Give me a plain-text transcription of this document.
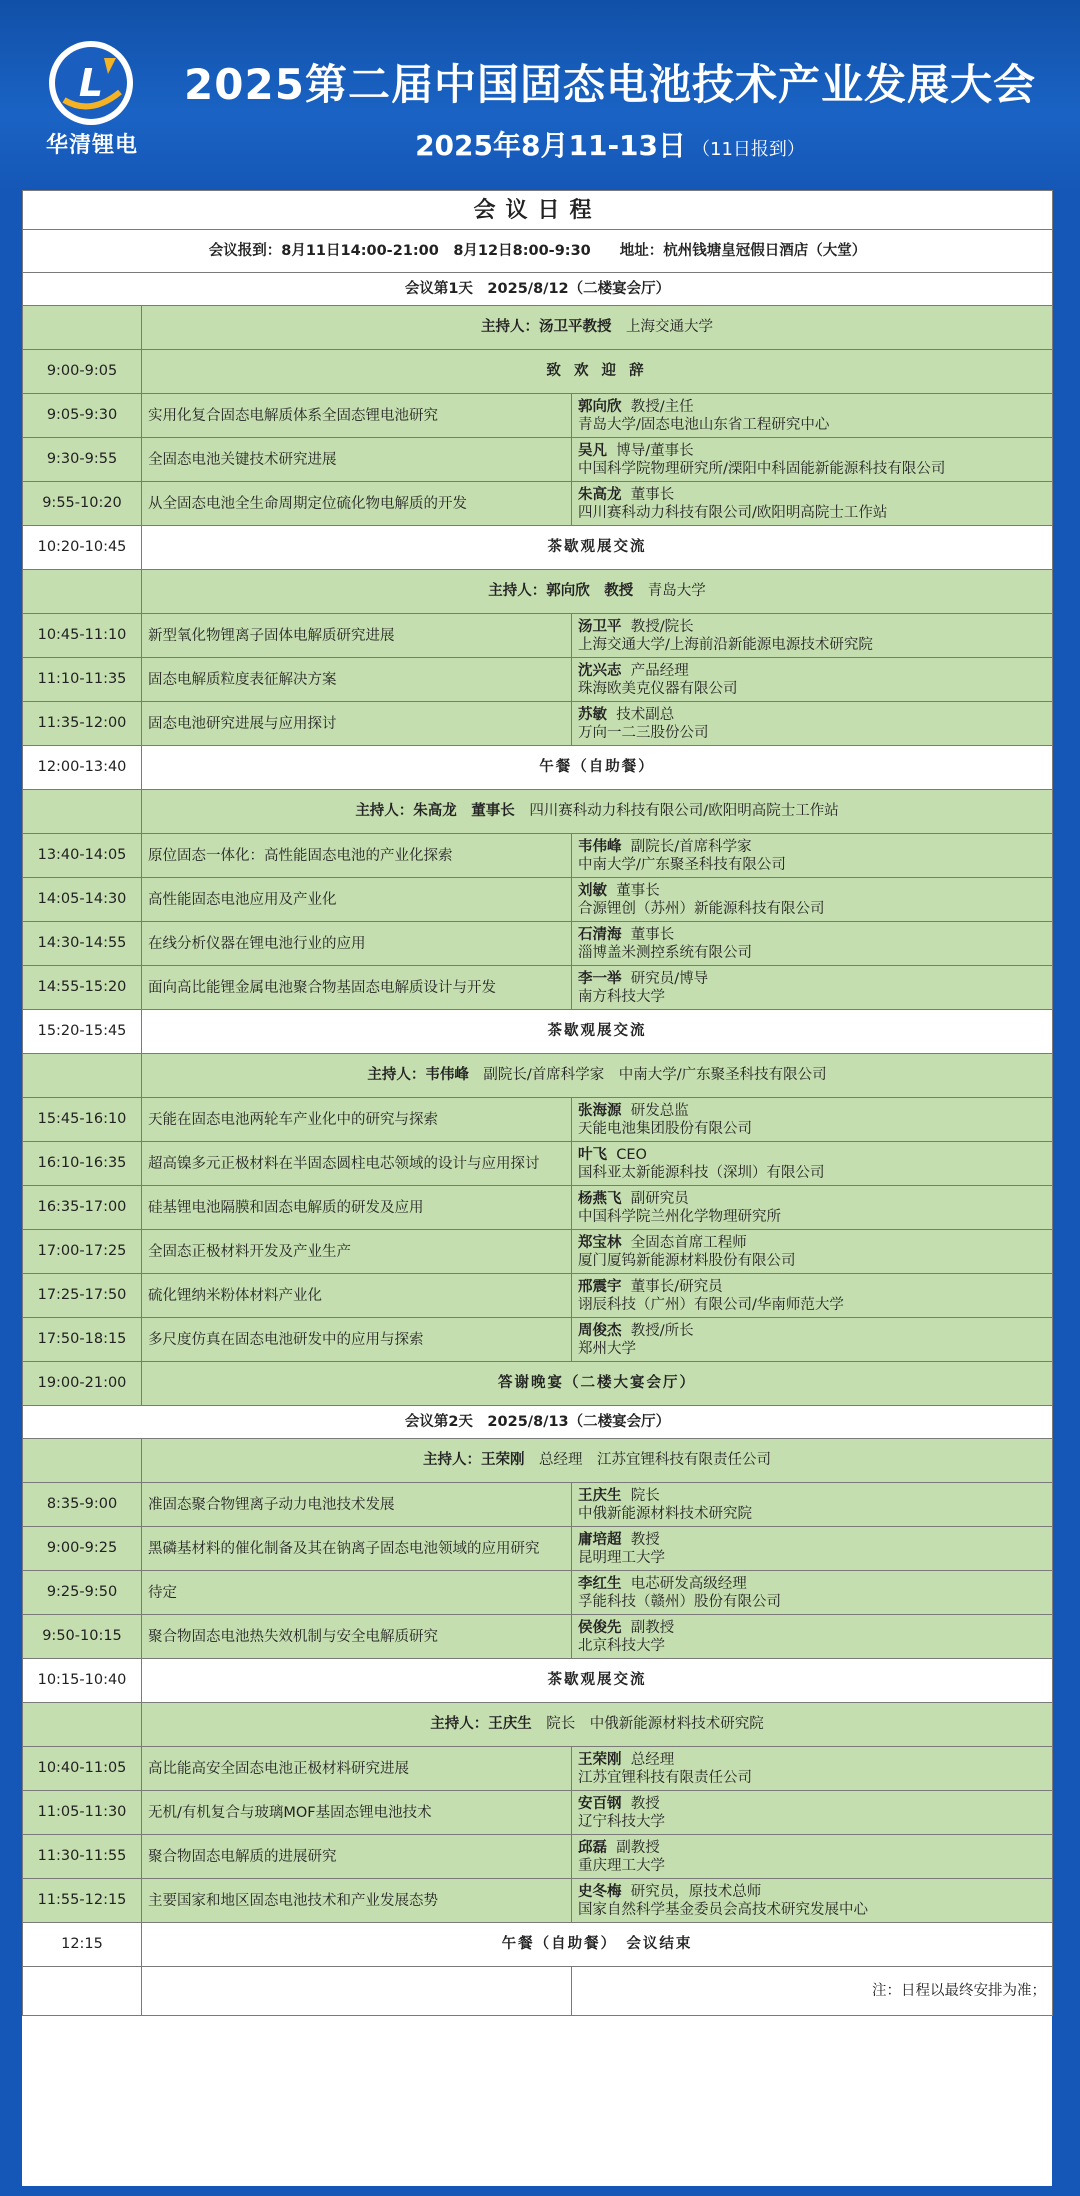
L
华清锂电
2025第二届中国固态电池技术产业发展大会
2025年8月11-13日 （11日报到）
会议日程		
会议报到：8月11日14:00-21:00　8月12日8:00-9:30　　地址：杭州钱塘皇冠假日酒店（大堂）		
会议第1天　2025/8/12（二楼宴会厅）		
	主持人：汤卫平教授　 上海交通大学	
9:00-9:05	致 欢 迎 辞	
9:05-9:30	实用化复合固态电解质体系全固态锂电池研究	郭向欣 教授/主任
青岛大学/固态电池山东省工程研究中心
9:30-9:55	全固态电池关键技术研究进展	吴凡 博导/董事长
中国科学院物理研究所/溧阳中科固能新能源科技有限公司
9:55-10:20	从全固态电池全生命周期定位硫化物电解质的开发	朱高龙 董事长
四川赛科动力科技有限公司/欧阳明高院士工作站
10:20-10:45	茶歇观展交流	
	主持人：郭向欣　教授　 青岛大学	
10:45-11:10	新型氧化物锂离子固体电解质研究进展	汤卫平 教授/院长
上海交通大学/上海前沿新能源电源技术研究院
11:10-11:35	固态电解质粒度表征解决方案	沈兴志 产品经理
珠海欧美克仪器有限公司
11:35-12:00	固态电池研究进展与应用探讨	苏敏 技术副总
万向一二三股份公司
12:00-13:40	午餐（自助餐）	
	主持人：朱高龙　董事长　 四川赛科动力科技有限公司/欧阳明高院士工作站	
13:40-14:05	原位固态一体化：高性能固态电池的产业化探索	韦伟峰 副院长/首席科学家
中南大学/广东聚圣科技有限公司
14:05-14:30	高性能固态电池应用及产业化	刘敏 董事长
合源锂创（苏州）新能源科技有限公司
14:30-14:55	在线分析仪器在锂电池行业的应用	石清海 董事长
淄博盖米测控系统有限公司
14:55-15:20	面向高比能锂金属电池聚合物基固态电解质设计与开发	李一举 研究员/博导
南方科技大学
15:20-15:45	茶歇观展交流	
	主持人：韦伟峰　 副院长/首席科学家　中南大学/广东聚圣科技有限公司	
15:45-16:10	天能在固态电池两轮车产业化中的研究与探索	张海源 研发总监
天能电池集团股份有限公司
16:10-16:35	超高镍多元正极材料在半固态圆柱电芯领域的设计与应用探讨	叶飞 CEO
国科亚太新能源科技（深圳）有限公司
16:35-17:00	硅基锂电池隔膜和固态电解质的研发及应用	杨燕飞 副研究员
中国科学院兰州化学物理研究所
17:00-17:25	全固态正极材料开发及产业生产	郑宝林 全固态首席工程师
厦门厦钨新能源材料股份有限公司
17:25-17:50	硫化锂纳米粉体材料产业化	邢震宇 董事长/研究员
诩辰科技（广州）有限公司/华南师范大学
17:50-18:15	多尺度仿真在固态电池研发中的应用与探索	周俊杰 教授/所长
郑州大学
19:00-21:00	答谢晚宴（二楼大宴会厅）	
会议第2天　2025/8/13（二楼宴会厅）		
	主持人：王荣刚　 总经理　江苏宜锂科技有限责任公司	
8:35-9:00	准固态聚合物锂离子动力电池技术发展	王庆生 院长
中俄新能源材料技术研究院
9:00-9:25	黑磷基材料的催化制备及其在钠离子固态电池领域的应用研究	庸培超 教授
昆明理工大学
9:25-9:50	待定	李红生 电芯研发高级经理
孚能科技（赣州）股份有限公司
9:50-10:15	聚合物固态电池热失效机制与安全电解质研究	侯俊先 副教授
北京科技大学
10:15-10:40	茶歇观展交流	
	主持人：王庆生　 院长　中俄新能源材料技术研究院	
10:40-11:05	高比能高安全固态电池正极材料研究进展	王荣刚 总经理
江苏宜锂科技有限责任公司
11:05-11:30	无机/有机复合与玻璃MOF基固态锂电池技术	安百钢 教授
辽宁科技大学
11:30-11:55	聚合物固态电解质的进展研究	邱磊 副教授
重庆理工大学
11:55-12:15	主要国家和地区固态电池技术和产业发展态势	史冬梅 研究员，原技术总师
国家自然科学基金委员会高技术研究发展中心
12:15	午餐（自助餐）　会议结束	
		注：日程以最终安排为准；
